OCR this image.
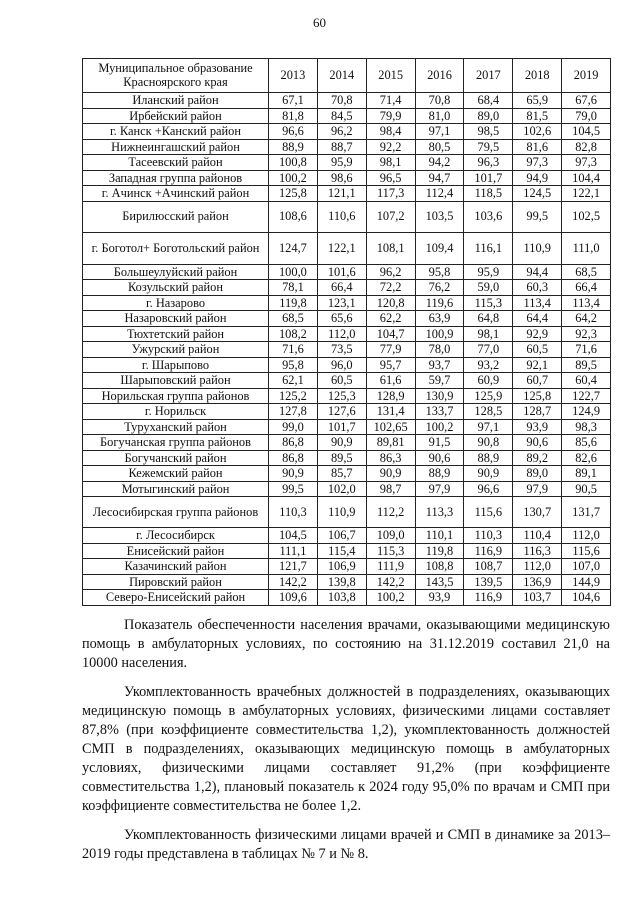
60
Муниципальное образование Красноярского края	2013	2014	2015	2016	2017	2018	2019
Иланский район	67,1	70,8	71,4	70,8	68,4	65,9	67,6
Ирбейский район	81,8	84,5	79,9	81,0	89,0	81,5	79,0
г. Канск +Канский район	96,6	96,2	98,4	97,1	98,5	102,6	104,5
Нижнеингашский район	88,9	88,7	92,2	80,5	79,5	81,6	82,8
Тасеевский район	100,8	95,9	98,1	94,2	96,3	97,3	97,3
Западная группа районов	100,2	98,6	96,5	94,7	101,7	94,9	104,4
г. Ачинск +Ачинский район	125,8	121,1	117,3	112,4	118,5	124,5	122,1
Бирилюсский район	108,6	110,6	107,2	103,5	103,6	99,5	102,5
г. Боготол+ Боготольский район	124,7	122,1	108,1	109,4	116,1	110,9	111,0
Большеулуйский район	100,0	101,6	96,2	95,8	95,9	94,4	68,5
Козульский район	78,1	66,4	72,2	76,2	59,0	60,3	66,4
г. Назарово	119,8	123,1	120,8	119,6	115,3	113,4	113,4
Назаровский район	68,5	65,6	62,2	63,9	64,8	64,4	64,2
Тюхтетский район	108,2	112,0	104,7	100,9	98,1	92,9	92,3
Ужурский район	71,6	73,5	77,9	78,0	77,0	60,5	71,6
г. Шарыпово	95,8	96,0	95,7	93,7	93,2	92,1	89,5
Шарыповский район	62,1	60,5	61,6	59,7	60,9	60,7	60,4
Норильская группа районов	125,2	125,3	128,9	130,9	125,9	125,8	122,7
г. Норильск	127,8	127,6	131,4	133,7	128,5	128,7	124,9
Туруханский район	99,0	101,7	102,65	100,2	97,1	93,9	98,3
Богучанская группа районов	86,8	90,9	89,81	91,5	90,8	90,6	85,6
Богучанский район	86,8	89,5	86,3	90,6	88,9	89,2	82,6
Кежемский район	90,9	85,7	90,9	88,9	90,9	89,0	89,1
Мотыгинский район	99,5	102,0	98,7	97,9	96,6	97,9	90,5
Лесосибирская группа районов	110,3	110,9	112,2	113,3	115,6	130,7	131,7
г. Лесосибирск	104,5	106,7	109,0	110,1	110,3	110,4	112,0
Енисейский район	111,1	115,4	115,3	119,8	116,9	116,3	115,6
Казачинский район	121,7	106,9	111,9	108,8	108,7	112,0	107,0
Пировский район	142,2	139,8	142,2	143,5	139,5	136,9	144,9
Северо-Енисейский район	109,6	103,8	100,2	93,9	116,9	103,7	104,6

Показатель обеспеченности населения врачами, оказывающими медицинскую помощь в амбулаторных условиях, по состоянию на 31.12.2019 составил 21,0 на 10000 населения.

Укомплектованность врачебных должностей в подразделениях, оказывающих медицинскую помощь в амбулаторных условиях, физическими лицами составляет 87,8% (при коэффициенте совместительства 1,2), укомплектованность должностей СМП в подразделениях, оказывающих медицинскую помощь в амбулаторных условиях, физическими лицами составляет 91,2% (при коэффициенте совместительства 1,2), плановый показатель к 2024 году 95,0% по врачам и СМП при коэффициенте совместительства не более 1,2.

Укомплектованность физическими лицами врачей и СМП в динамике за 2013–2019 годы представлена в таблицах № 7 и № 8.
